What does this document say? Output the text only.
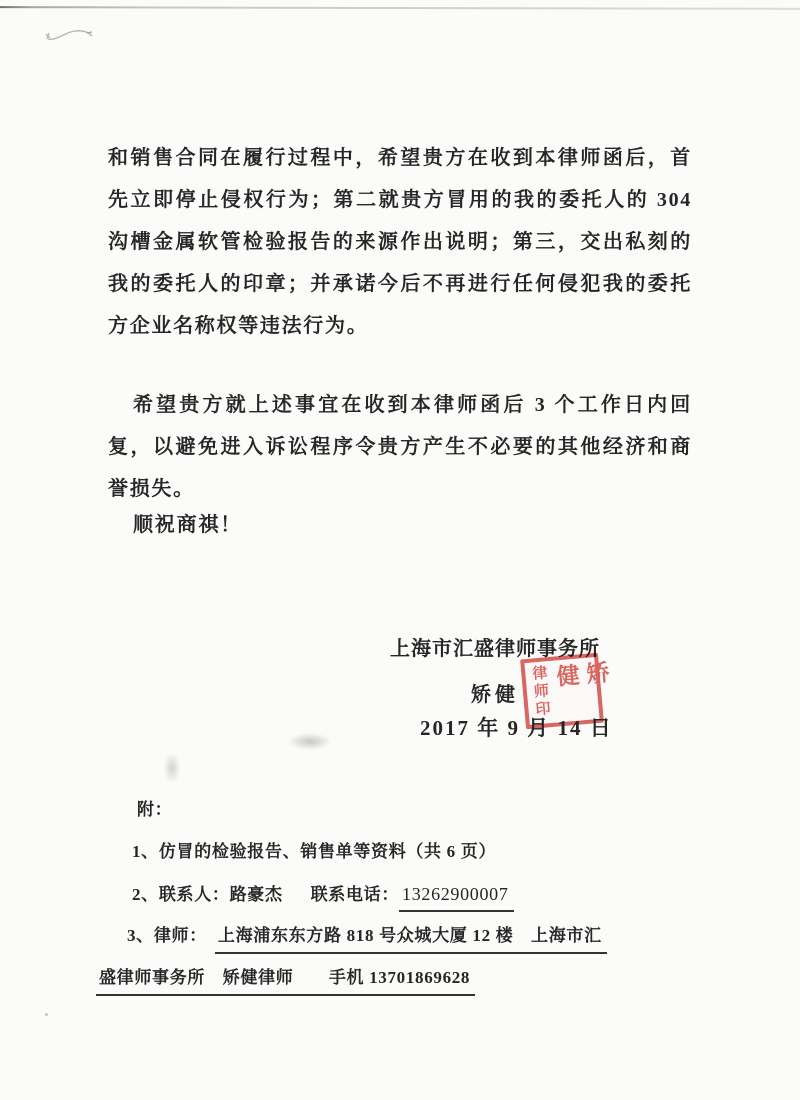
和销售合同在履行过程中，希望贵方在收到本律师函后，首
先立即停止侵权行为；第二就贵方冒用的我的委托人的 304
沟槽金属软管检验报告的来源作出说明；第三，交出私刻的
我的委托人的印章；并承诺今后不再进行任何侵犯我的委托
方企业名称权等违法行为。
希望贵方就上述事宜在收到本律师函后 3 个工作日内回
复，以避免进入诉讼程序令贵方产生不必要的其他经济和商
誉损失。
顺祝商祺！
上海市汇盛律师事务所
矫健
矫健
律师印
2017 年 9 月 14 日
附：
1、仿冒的检验报告、销售单等资料（共 6 页）
2、联系人：路豪杰 联系电话： 13262900007
3、律师： 上海浦东东方路 818 号众城大厦 12 楼　上海市汇
盛律师事务所　矫健律师　　手机 13701869628
